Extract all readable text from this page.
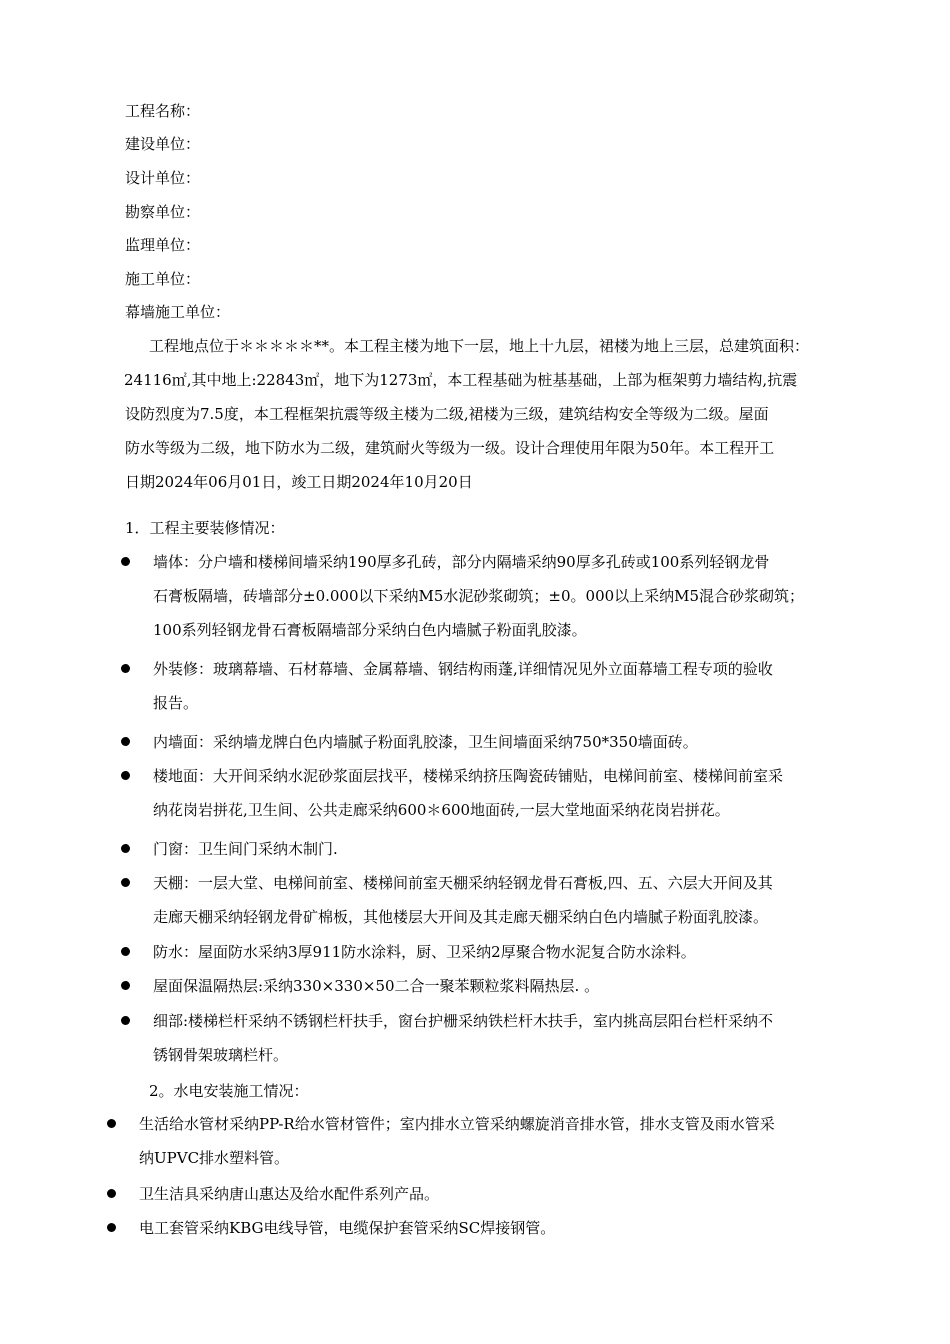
工程名称：
建设单位：
设计单位：
勘察单位：
监理单位：
施工单位：
幕墙施工单位：
工程地点位于＊＊＊＊＊**。本工程主楼为地下一层，地上十九层，裙楼为地上三层，总建筑面积：
24116㎡,其中地上:22843㎡，地下为1273㎡，本工程基础为桩基基础，上部为框架剪力墙结构,抗震
设防烈度为7.5度，本工程框架抗震等级主楼为二级,裙楼为三级，建筑结构安全等级为二级。屋面
防水等级为二级，地下防水为二级，建筑耐火等级为一级。设计合理使用年限为50年。本工程开工
日期2024年06月01日，竣工日期2024年10月20日
1．工程主要装修情况：
墙体：分户墙和楼梯间墙采纳190厚多孔砖，部分内隔墙采纳90厚多孔砖或100系列轻钢龙骨
石膏板隔墙，砖墙部分±0.000以下采纳M5水泥砂浆砌筑；±0。000以上采纳M5混合砂浆砌筑；
100系列轻钢龙骨石膏板隔墙部分采纳白色内墙腻子粉面乳胶漆。
外装修：玻璃幕墙、石材幕墙、金属幕墙、钢结构雨蓬,详细情况见外立面幕墙工程专项的验收
报告。
内墙面：采纳墙龙牌白色内墙腻子粉面乳胶漆，卫生间墙面采纳750*350墙面砖。
楼地面：大开间采纳水泥砂浆面层找平，楼梯采纳挤压陶瓷砖铺贴，电梯间前室、楼梯间前室采
纳花岗岩拼花,卫生间、公共走廊采纳600＊600地面砖,一层大堂地面采纳花岗岩拼花。
门窗：卫生间门采纳木制门.
天棚：一层大堂、电梯间前室、楼梯间前室天棚采纳轻钢龙骨石膏板,四、五、六层大开间及其
走廊天棚采纳轻钢龙骨矿棉板，其他楼层大开间及其走廊天棚采纳白色内墙腻子粉面乳胶漆。
防水：屋面防水采纳3厚911防水涂料，厨、卫采纳2厚聚合物水泥复合防水涂料。
屋面保温隔热层:采纳330×330×50二合一聚苯颗粒浆料隔热层. 。
细部:楼梯栏杆采纳不锈钢栏杆扶手，窗台护栅采纳铁栏杆木扶手，室内挑高层阳台栏杆采纳不
锈钢骨架玻璃栏杆。
2。水电安装施工情况：
生活给水管材采纳PP-R给水管材管件；室内排水立管采纳螺旋消音排水管，排水支管及雨水管采
纳UPVC排水塑料管。
卫生洁具采纳唐山惠达及给水配件系列产品。
电工套管采纳KBG电线导管，电缆保护套管采纳SC焊接钢管。
